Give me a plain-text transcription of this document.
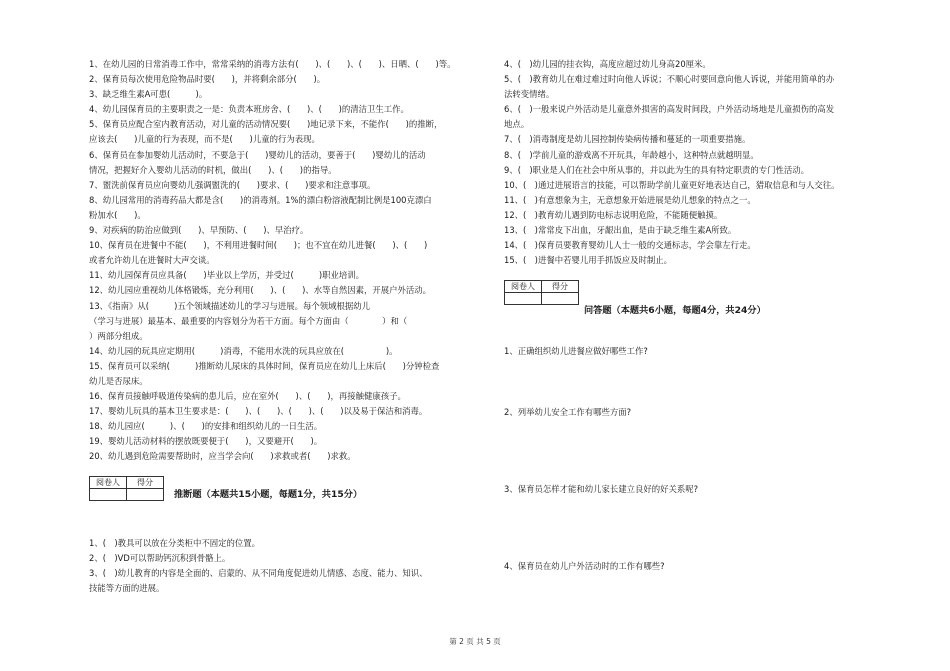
1、在幼儿园的日常消毒工作中，常常采纳的消毒方法有(　　)、(　　)、(　　)、日晒、(　　)等。
2、保育员每次使用危险物品时要(　　)，并将剩余部分(　　)。
3、缺乏维生素A可患(　　　)。
4、幼儿园保育员的主要职责之一是：负责本班房舍、(　　)、(　　)的清洁卫生工作。
5、保育员应配合室内教育活动，对儿童的活动情况要(　　)地记录下来，不能作(　　)的推断，
应该去(　　)儿童的行为表现，而不是(　　)儿童的行为表现。
6、保育员在参加婴幼儿活动时，不要急于(　　)婴幼儿的活动，要善于(　　)婴幼儿的活动
情况，把握好介入婴幼儿活动的时机，做出(　　)、(　　)的指导。
7、盥洗前保育员应向婴幼儿强调盥洗的(　　)要求、(　　)要求和注意事项。
8、幼儿园常用的消毒药品大都是含(　　)的消毒剂。1%的漂白粉溶液配制比例是100克漂白
粉加水(　　)。
9、对疾病的防治应做到(　　)、早预防、(　　)、早治疗。
10、保育员在进餐中不能(　　)，不利用进餐时间(　　)；也不宜在幼儿进餐(　　)、(　　)
或者允许幼儿在进餐时大声交谈。
11、幼儿园保育员应具备(　　)毕业以上学历，并受过(　　　)职业培训。
12、幼儿园应重视幼儿体格锻炼，充分利用(　　)、(　　)、水等自然因素，开展户外活动。
13、《指南》从(　　　)五个领域描述幼儿的学习与进展。每个领域根据幼儿
（学习与进展）最基本、最重要的内容划分为若干方面。每个方面由（　　　　）和（
）两部分组成。
14、幼儿园的玩具应定期用(　　　)消毒，不能用水洗的玩具应放在(　　　　　)。
15、保育员可以采纳(　　　)推断幼儿尿床的具体时间，保育员应在幼儿上床后(　　)分钟检查
幼儿是否尿床。
16、保育员接触呼吸道传染病的患儿后，应在室外(　　)、(　　)，再接触健康孩子。
17、婴幼儿玩具的基本卫生要求是：(　　)、(　　)、(　　)、(　　)以及易于保洁和消毒。
18、幼儿园应(　　　)、(　　)的安排和组织幼儿的一日生活。
19、婴幼儿活动材料的摆放既要便于(　　)，又要避开(　　)。
20、幼儿遇到危险需要帮助时，应当学会向(　　)求救或者(　　)求救。
阅卷人	得分

推断题（本题共15小题，每题1分，共15分）
1、(　)教具可以放在分类柜中不固定的位置。
2、(　)VD可以帮助钙沉积到骨骼上。
3、(　)幼儿教育的内容是全面的、启蒙的、从不同角度促进幼儿情感、态度、能力、知识、
技能等方面的进展。
4、(　)幼儿园的挂衣钩，高度应超过幼儿身高20厘米。
5、(　)教育幼儿在难过难过时向他人诉说；不顺心时要回意向他人诉说，并能用简单的办
法转变情绪。
6、(　)一般来说户外活动是儿童意外损害的高发时间段，户外活动场地是儿童损伤的高发
地点。
7、(　)消毒制度是幼儿园控制传染病传播和蔓延的一项重要措施。
8、(　)学前儿童的游戏离不开玩具，年龄越小，这种特点就越明显。
9、(　)职业是人们在社会中所从事的，并以此为生的具有特定职责的专门性活动。
10、(　)通过进展语言的技能，可以帮助学前儿童更好地表达自己，猎取信息和与人交往。
11、(　)有意想象为主，无意想象开始进展是幼儿想象的特点之一。
12、(　)教育幼儿遇到防电标志说明危险，不能随便触摸。
13、(　)常常皮下出血，牙龈出血，是由于缺乏维生素A所致。
14、(　)保育员要教育婴幼儿人士一般的交通标志，学会靠左行走。
15、(　)进餐中若婴儿用手抓饭应及时制止。
阅卷人	得分

问答题（本题共6小题，每题4分，共24分）
1、正确组织幼儿进餐应做好哪些工作?
2、列举幼儿安全工作有哪些方面?
3、保育员怎样才能和幼儿家长建立良好的好关系呢?
4、保育员在幼儿户外活动时的工作有哪些?
第 2 页 共 5 页
